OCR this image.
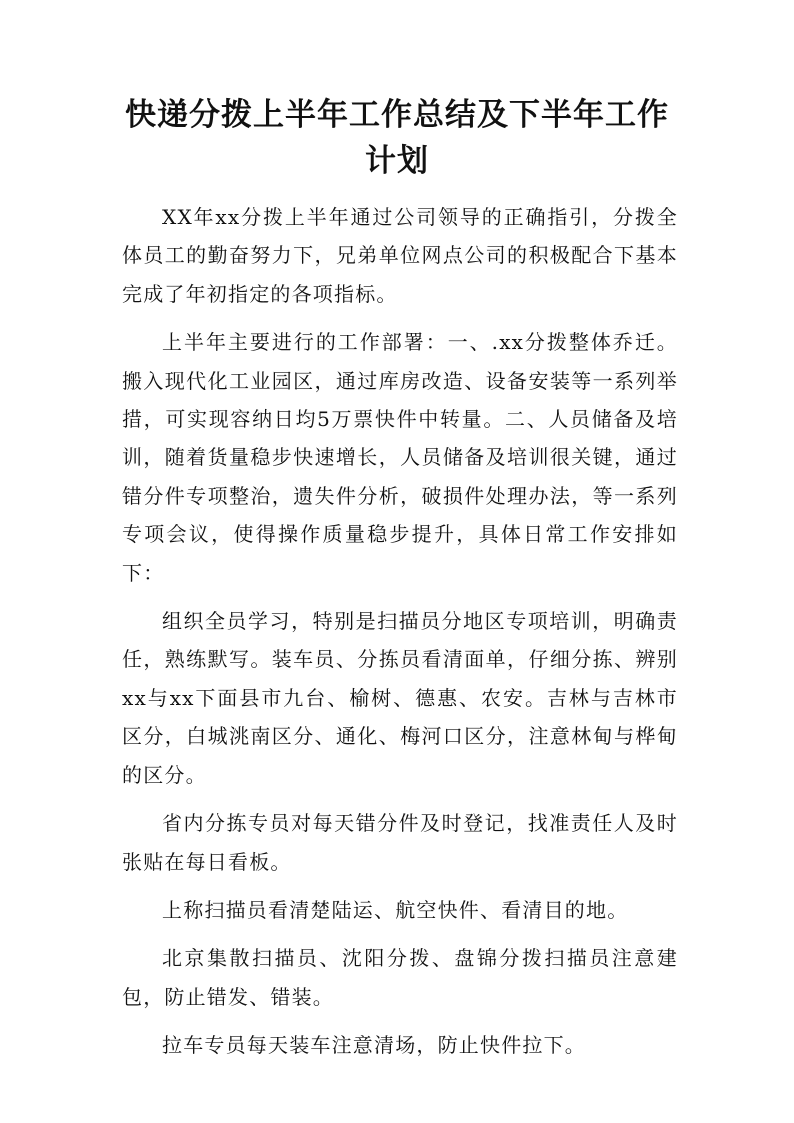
快递分拨上半年工作总结及下半年工作计划

XX年xx分拨上半年通过公司领导的正确指引，分拨全体员工的勤奋努力下，兄弟单位网点公司的积极配合下基本完成了年初指定的各项指标。

上半年主要进行的工作部署：一、.xx分拨整体乔迁。搬入现代化工业园区，通过库房改造、设备安装等一系列举措，可实现容纳日均5万票快件中转量。二、人员储备及培训，随着货量稳步快速增长，人员储备及培训很关键，通过错分件专项整治，遗失件分析，破损件处理办法，等一系列专项会议，使得操作质量稳步提升，具体日常工作安排如下：

组织全员学习，特别是扫描员分地区专项培训，明确责任，熟练默写。装车员、分拣员看清面单，仔细分拣、辨别xx与xx下面县市九台、榆树、德惠、农安。吉林与吉林市区分，白城洮南区分、通化、梅河口区分，注意林甸与桦甸的区分。

省内分拣专员对每天错分件及时登记，找准责任人及时张贴在每日看板。

上称扫描员看清楚陆运、航空快件、看清目的地。

北京集散扫描员、沈阳分拨、盘锦分拨扫描员注意建包，防止错发、错装。

拉车专员每天装车注意清场，防止快件拉下。
